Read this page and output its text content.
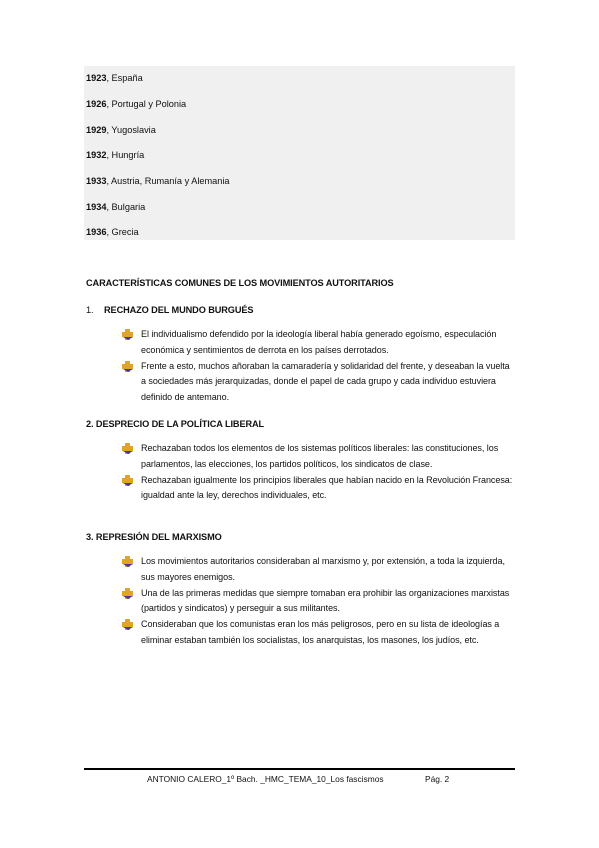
1923, España
1926, Portugal y Polonia
1929, Yugoslavia
1932, Hungría
1933, Austria, Rumanía y Alemania
1934, Bulgaria
1936, Grecia
CARACTERÍSTICAS COMUNES DE LOS MOVIMIENTOS AUTORITARIOS
1. RECHAZO DEL MUNDO BURGUÉS
El individualismo defendido por la ideología liberal había generado egoísmo, especulación económica y sentimientos de derrota en los países derrotados.
Frente a esto, muchos añoraban la camaradería y solidaridad del frente, y deseaban la vuelta a sociedades más jerarquizadas, donde el papel de cada grupo y cada individuo estuviera definido de antemano.
2. DESPRECIO DE LA POLÍTICA LIBERAL
Rechazaban todos los elementos de los sistemas políticos liberales: las constituciones, los parlamentos, las elecciones, los partidos políticos, los sindicatos de clase.
Rechazaban igualmente los principios liberales que habían nacido en la Revolución Francesa: igualdad ante la ley, derechos individuales, etc.
3. REPRESIÓN DEL MARXISMO
Los movimientos autoritarios consideraban al marxismo y, por extensión, a toda la izquierda, sus mayores enemigos.
Una de las primeras medidas que siempre tomaban era prohibir las organizaciones marxistas (partidos y sindicatos) y perseguir a sus militantes.
Consideraban que los comunistas eran los más peligrosos, pero en su lista de ideologías a eliminar estaban también los socialistas, los anarquistas, los masones, los judíos, etc.
ANTONIO CALERO_1º Bach. _HMC_TEMA_10_Los fascismos	Pág. 2
